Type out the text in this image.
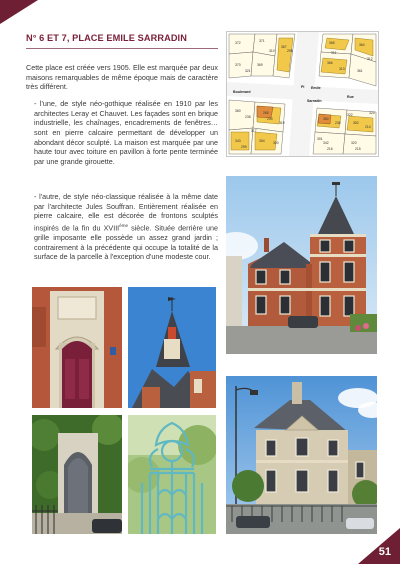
N° 6 ET 7, PLACE EMILE SARRADIN

Cette place est créée vers 1905. Elle est marquée par deux maisons remarquables de même époque mais de caractère très différent.

- l'une, de style néo-gothique réalisée en 1910 par les architectes Leray et Chauvet. Les façades sont en brique industrielle, les chaînages, encadrements de fenêtres… sont en pierre calcaire permettant de développer un abondant décor sculpté. La maison est marquée par une haute tour avec toiture en pavillon à forte pente terminée par une grande girouette.

- l'autre, de style néo-classique réalisée à la même date par l'architecte Jules Souffran. Entièrement réalisée en pierre calcaire, elle est décorée de frontons sculptés inspirés de la fin du XVIIIème siècle. Située derrière une grille imposante elle possède un assez grand jardin ; contrairement à la précédente qui occupe la totalité de la surface de la parcelle à l'exception d'une modeste cour.

Pl Emile
Boulevard
Sarradin
Rue
372	371
370	369
367
365	364
366
361
360	265
343	354
350
352
342	320
321
310	311
312
313
234
236
235
214
216	215
298
299
300
301
322	324
319
317
51
